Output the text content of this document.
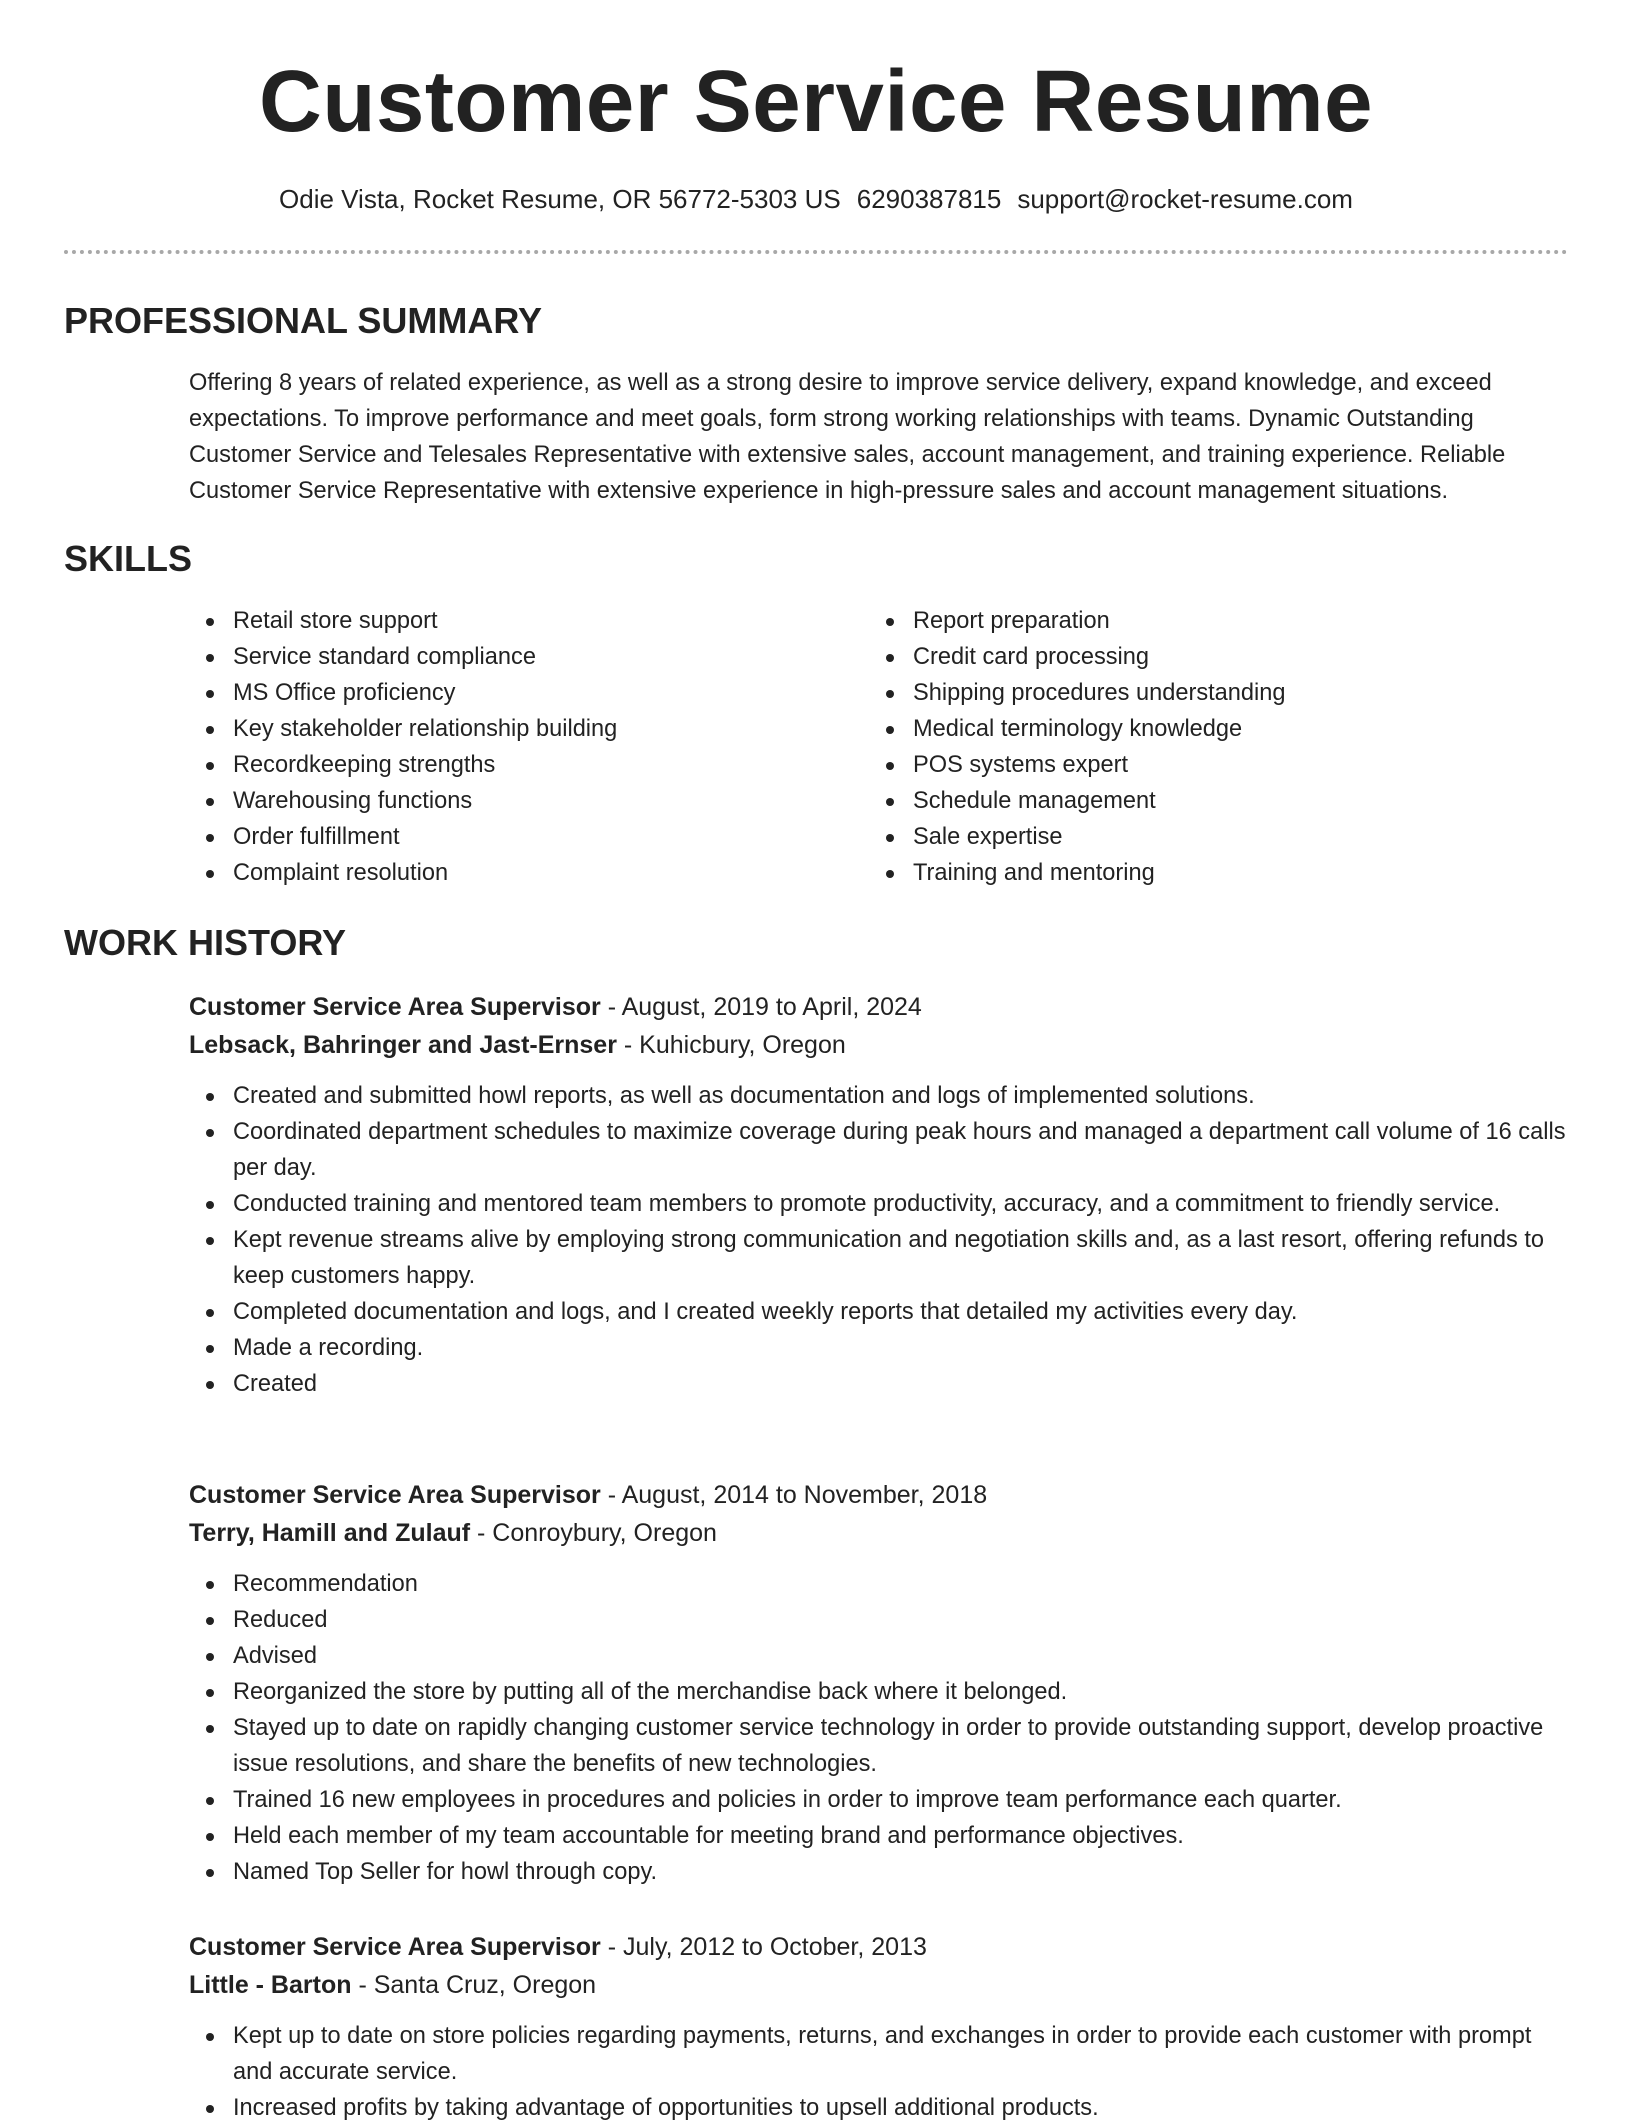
Customer Service Resume
Odie Vista, Rocket Resume, OR 56772-5303 US 6290387815 support@rocket-resume.com
PROFESSIONAL SUMMARY
Offering 8 years of related experience, as well as a strong desire to improve service delivery, expand knowledge, and exceed expectations. To improve performance and meet goals, form strong working relationships with teams. Dynamic Outstanding Customer Service and Telesales Representative with extensive sales, account management, and training experience. Reliable Customer Service Representative with extensive experience in high-pressure sales and account management situations.
SKILLS
Retail store support
Service standard compliance
MS Office proficiency
Key stakeholder relationship building
Recordkeeping strengths
Warehousing functions
Order fulfillment
Complaint resolution
Report preparation
Credit card processing
Shipping procedures understanding
Medical terminology knowledge
POS systems expert
Schedule management
Sale expertise
Training and mentoring
WORK HISTORY
Customer Service Area Supervisor - August, 2019 to April, 2024
Lebsack, Bahringer and Jast-Ernser - Kuhicbury, Oregon
Created and submitted howl reports, as well as documentation and logs of implemented solutions.
Coordinated department schedules to maximize coverage during peak hours and managed a department call volume of 16 calls per day.
Conducted training and mentored team members to promote productivity, accuracy, and a commitment to friendly service.
Kept revenue streams alive by employing strong communication and negotiation skills and, as a last resort, offering refunds to keep customers happy.
Completed documentation and logs, and I created weekly reports that detailed my activities every day.
Made a recording.
Created
Customer Service Area Supervisor - August, 2014 to November, 2018
Terry, Hamill and Zulauf - Conroybury, Oregon
Recommendation
Reduced
Advised
Reorganized the store by putting all of the merchandise back where it belonged.
Stayed up to date on rapidly changing customer service technology in order to provide outstanding support, develop proactive issue resolutions, and share the benefits of new technologies.
Trained 16 new employees in procedures and policies in order to improve team performance each quarter.
Held each member of my team accountable for meeting brand and performance objectives.
Named Top Seller for howl through copy.
Customer Service Area Supervisor - July, 2012 to October, 2013
Little - Barton - Santa Cruz, Oregon
Kept up to date on store policies regarding payments, returns, and exchanges in order to provide each customer with prompt and accurate service.
Increased profits by taking advantage of opportunities to upsell additional products.
